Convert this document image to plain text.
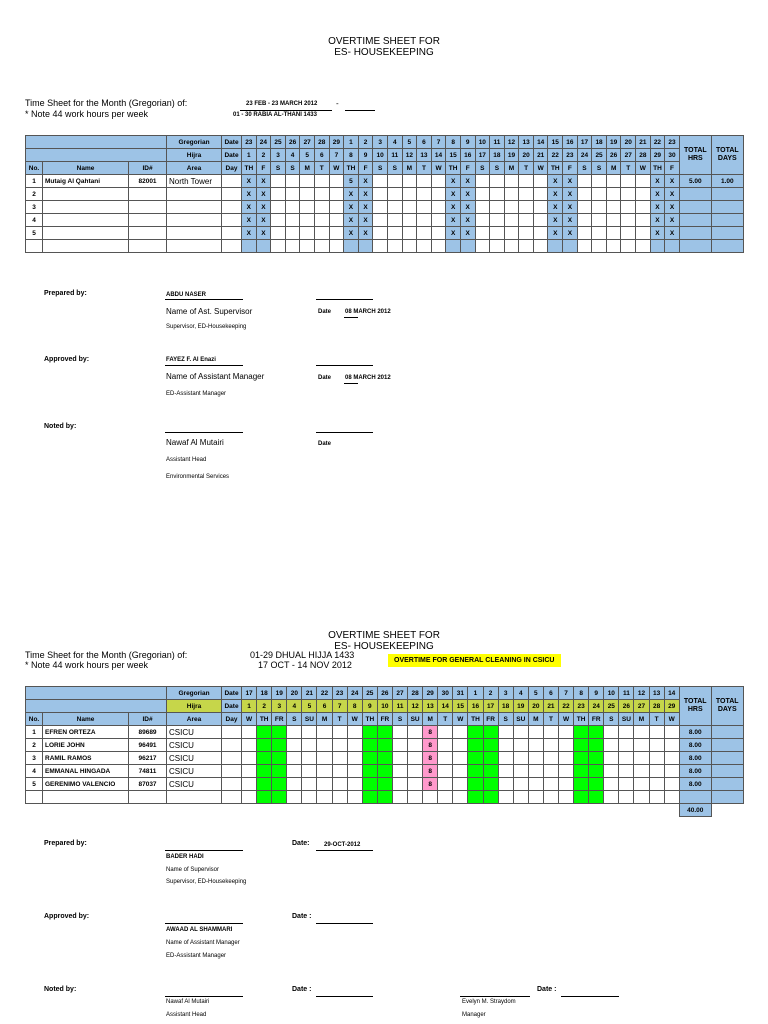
OVERTIME SHEET FOR
ES- HOUSEKEEPING
Time Sheet for the Month (Gregorian) of:
* Note 44 work hours per week
23 FEB - 23 MARCH 2012 -
01 - 30 RABIA AL-THANI 1433
			Gregorian	Date	23	24	25	26	27	28	29	1	2	3	4	5	6	7	8	9	10	11	12	13	14	15	16	17	18	19	20	21	22	23	TOTAL HRS	TOTAL DAYS
			Hijra	Date	1	2	3	4	5	6	7	8	9	10	11	12	13	14	15	16	17	18	19	20	21	22	23	24	25	26	27	28	29	30		
No.	Name	ID#	Area	Day	TH	F	S	S	M	T	W	TH	F	S	S	M	T	W	TH	F	S	S	M	T	W	TH	F	S	S	M	T	W	TH	F		
1	Mutaig Al Qahtani	82001	North Tower		X	X						5	X						X	X						X	X						X	X	5.00	1.00
2					X	X						X	X						X	X						X	X						X	X		
3					X	X						X	X						X	X						X	X						X	X		
4					X	X						X	X						X	X						X	X						X	X		
5					X	X						X	X						X	X						X	X						X	X		

Prepared by:	ABDU NASER
Name of Ast. Supervisor	Date 08 MARCH 2012
Supervisor, ED-Housekeeping
Approved by:	FAYEZ F. Al Enazi
Name of Assistant Manager	Date 08 MARCH 2012
ED-Assistant Manager
Noted by:
Nawaf Al Mutairi	Date
Assistant Head
Environmental Services
OVERTIME SHEET FOR
ES- HOUSEKEEPING
Time Sheet for the Month (Gregorian) of:
* Note 44 work hours per week
01-29 DHUAL HIJJA 1433
17 OCT - 14 NOV 2012	OVERTIME FOR GENERAL CLEANING IN CSICU
			Gregorian	Date	17	18	19	20	21	22	23	24	25	26	27	28	29	30	31	1	2	3	4	5	6	7	8	9	10	11	12	13	14	TOTAL HRS	TOTAL DAYS
			Hijra	Date	1	2	3	4	5	6	7	8	9	10	11	12	13	14	15	16	17	18	19	20	21	22	23	24	25	26	27	28	29		
No.	Name	ID#	Area	Day	W	TH	FR	S	SU	M	T	W	TH	FR	S	SU	M	T	W	TH	FR	S	SU	M	T	W	TH	FR	S	SU	M	T	W		
1	EFREN ORTEZA	89689	CSICU														8																	8.00	
2	LORIE JOHN	96491	CSICU														8																	8.00	
3	RAMIL RAMOS	96217	CSICU														8																	8.00	
4	EMMANAL HINGADA	74811	CSICU														8																	8.00	
5	GERENIMO VALENCIO	87037	CSICU														8																	8.00	

																																		40.00	
Prepared by:	Date: 29-OCT-2012
BADER HADI
Name of Supervisor
Supervisor, ED-Housekeeping
Approved by:	Date :
AWAAD AL SHAMMARI
Name of Assistant Manager
ED-Assistant Manager
Noted by:	Date :
Nawaf Al Mutairi
Assistant Head
Evelyn M. Straydom
Manager
Date :
